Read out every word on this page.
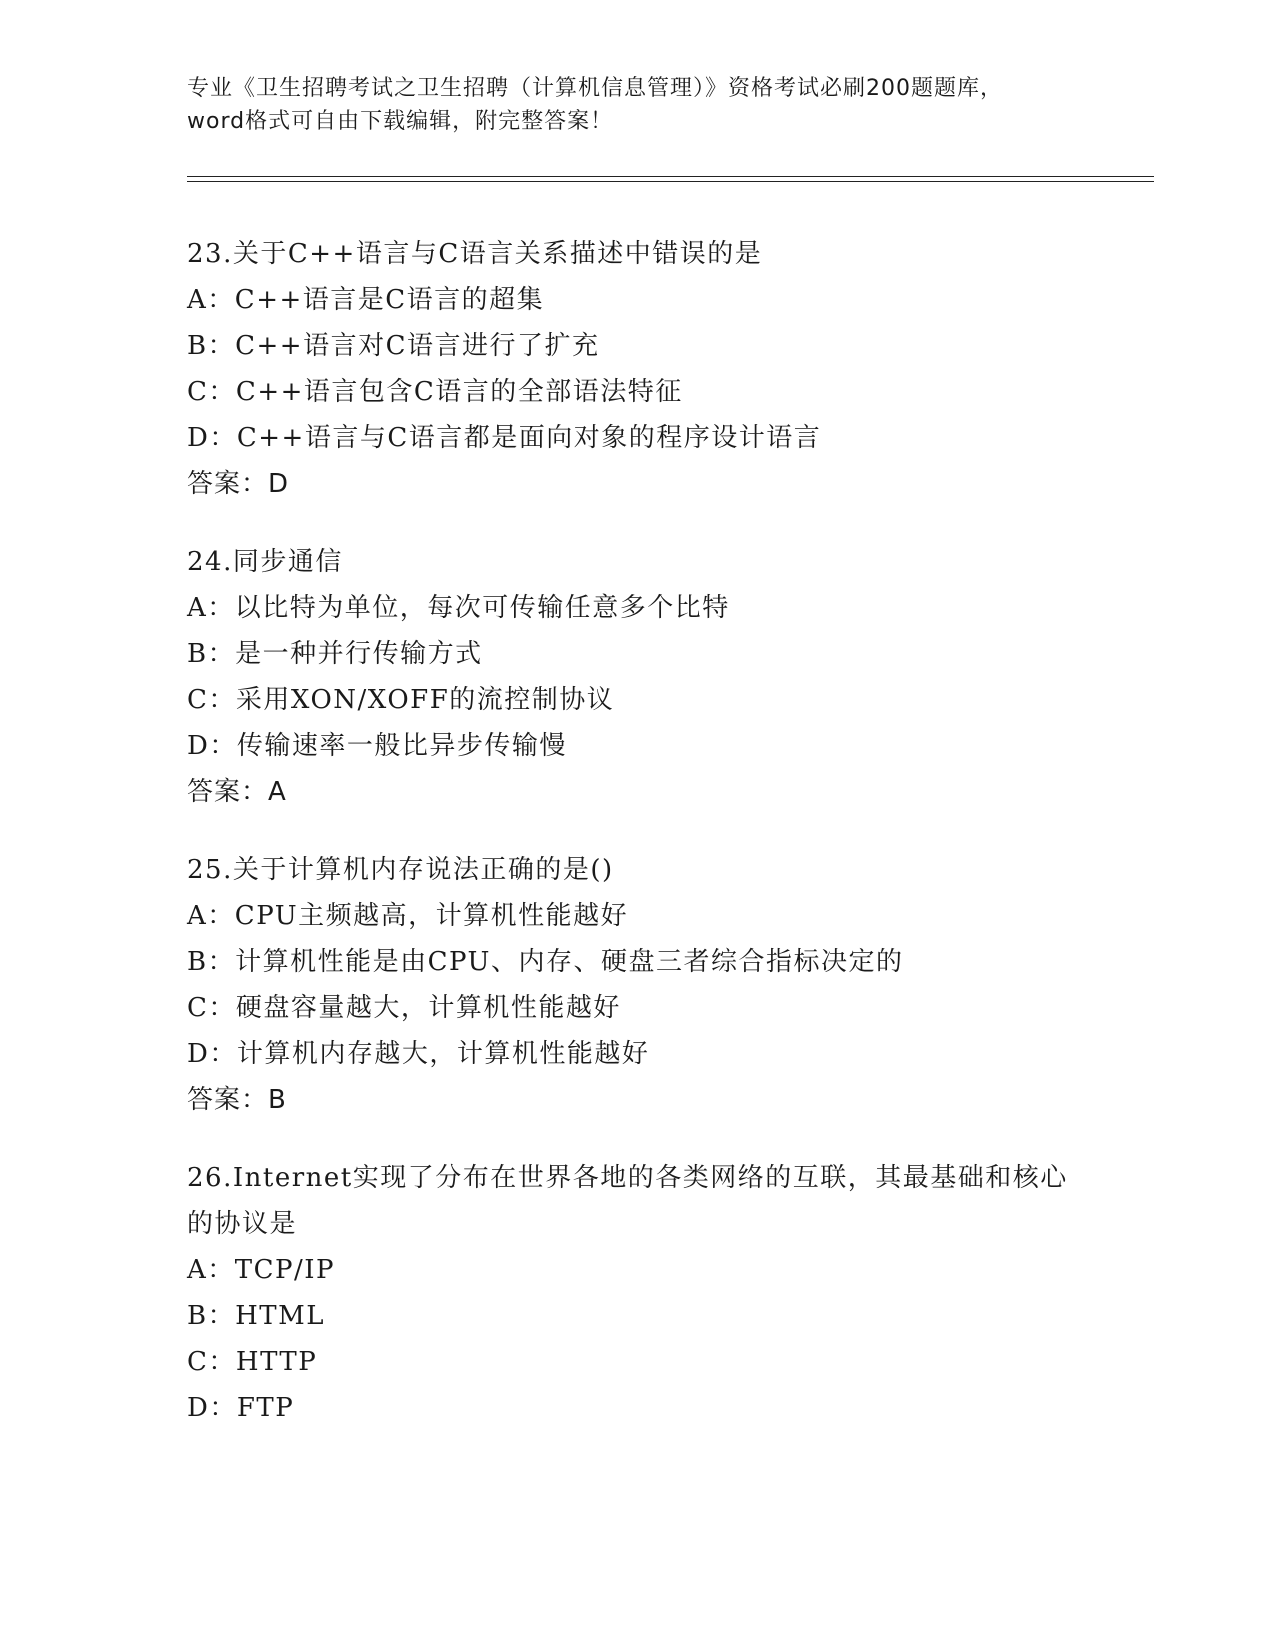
专业《卫生招聘考试之卫生招聘（计算机信息管理）》资格考试必刷200题题库，
word格式可自由下载编辑，附完整答案！
23.关于C++语言与C语言关系描述中错误的是
A：C++语言是C语言的超集
B：C++语言对C语言进行了扩充
C：C++语言包含C语言的全部语法特征
D：C++语言与C语言都是面向对象的程序设计语言
答案：D
24.同步通信
A：以比特为单位，每次可传输任意多个比特
B：是一种并行传输方式
C：采用XON/XOFF的流控制协议
D：传输速率一般比异步传输慢
答案：A
25.关于计算机内存说法正确的是()
A：CPU主频越高，计算机性能越好
B：计算机性能是由CPU、内存、硬盘三者综合指标决定的
C：硬盘容量越大，计算机性能越好
D：计算机内存越大，计算机性能越好
答案：B
26.Internet实现了分布在世界各地的各类网络的互联，其最基础和核心的协议是
A：TCP/IP
B：HTML
C：HTTP
D：FTP
